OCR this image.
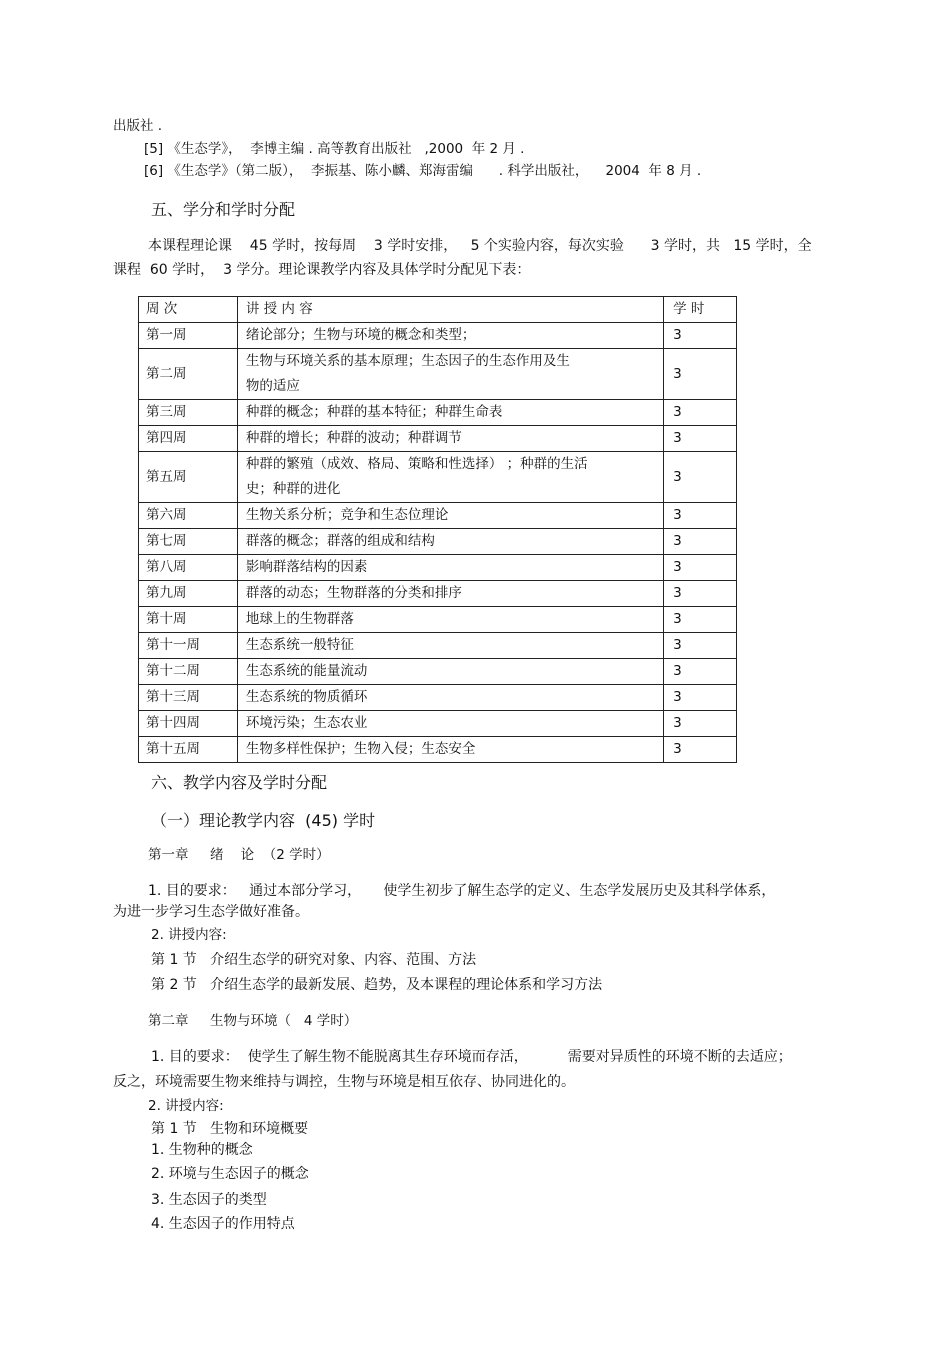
出版社 .
[5] 《生态学》，  李博主编 . 高等教育出版社   ,2000  年 2 月 .
[6] 《生态学》（第二版），  李振基、陈小麟、郑海雷编      . 科学出版社，    2004  年 8 月 .
五、学分和学时分配
本课程理论课    45 学时，按每周    3 学时安排，   5 个实验内容，每次实验      3 学时，共   15 学时，全
课程  60 学时，  3 学分。理论课教学内容及具体学时分配见下表：
周 次	讲 授 内 容	学 时
第一周	绪论部分；生物与环境的概念和类型；	3
第二周	生物与环境关系的基本原理；生态因子的生态作用及生
物的适应	3
第三周	种群的概念；种群的基本特征；种群生命表	3
第四周	种群的增长；种群的波动；种群调节	3
第五周	种群的繁殖（成效、格局、策略和性选择） ；种群的生活
史；种群的进化	3
第六周	生物关系分析；竞争和生态位理论	3
第七周	群落的概念；群落的组成和结构	3
第八周	影响群落结构的因素	3
第九周	群落的动态；生物群落的分类和排序	3
第十周	地球上的生物群落	3
第十一周	生态系统一般特征	3
第十二周	生态系统的能量流动	3
第十三周	生态系统的物质循环	3
第十四周	环境污染；生态农业	3
第十五周	生物多样性保护；生物入侵；生态安全	3
六、教学内容及学时分配
（一）理论教学内容  (45) 学时
第一章     绪    论  （2 学时）
1. 目的要求：   通过本部分学习，     使学生初步了解生态学的定义、生态学发展历史及其科学体系，
为进一步学习生态学做好准备。
2. 讲授内容:
第 1 节   介绍生态学的研究对象、内容、范围、方法
第 2 节   介绍生态学的最新发展、趋势，及本课程的理论体系和学习方法
第二章     生物与环境（   4 学时）
1. 目的要求：  使学生了解生物不能脱离其生存环境而存活，         需要对异质性的环境不断的去适应；
反之，环境需要生物来维持与调控，生物与环境是相互依存、协同进化的。
2. 讲授内容:
第 1 节   生物和环境概要
1. 生物种的概念
2. 环境与生态因子的概念
3. 生态因子的类型
4. 生态因子的作用特点
